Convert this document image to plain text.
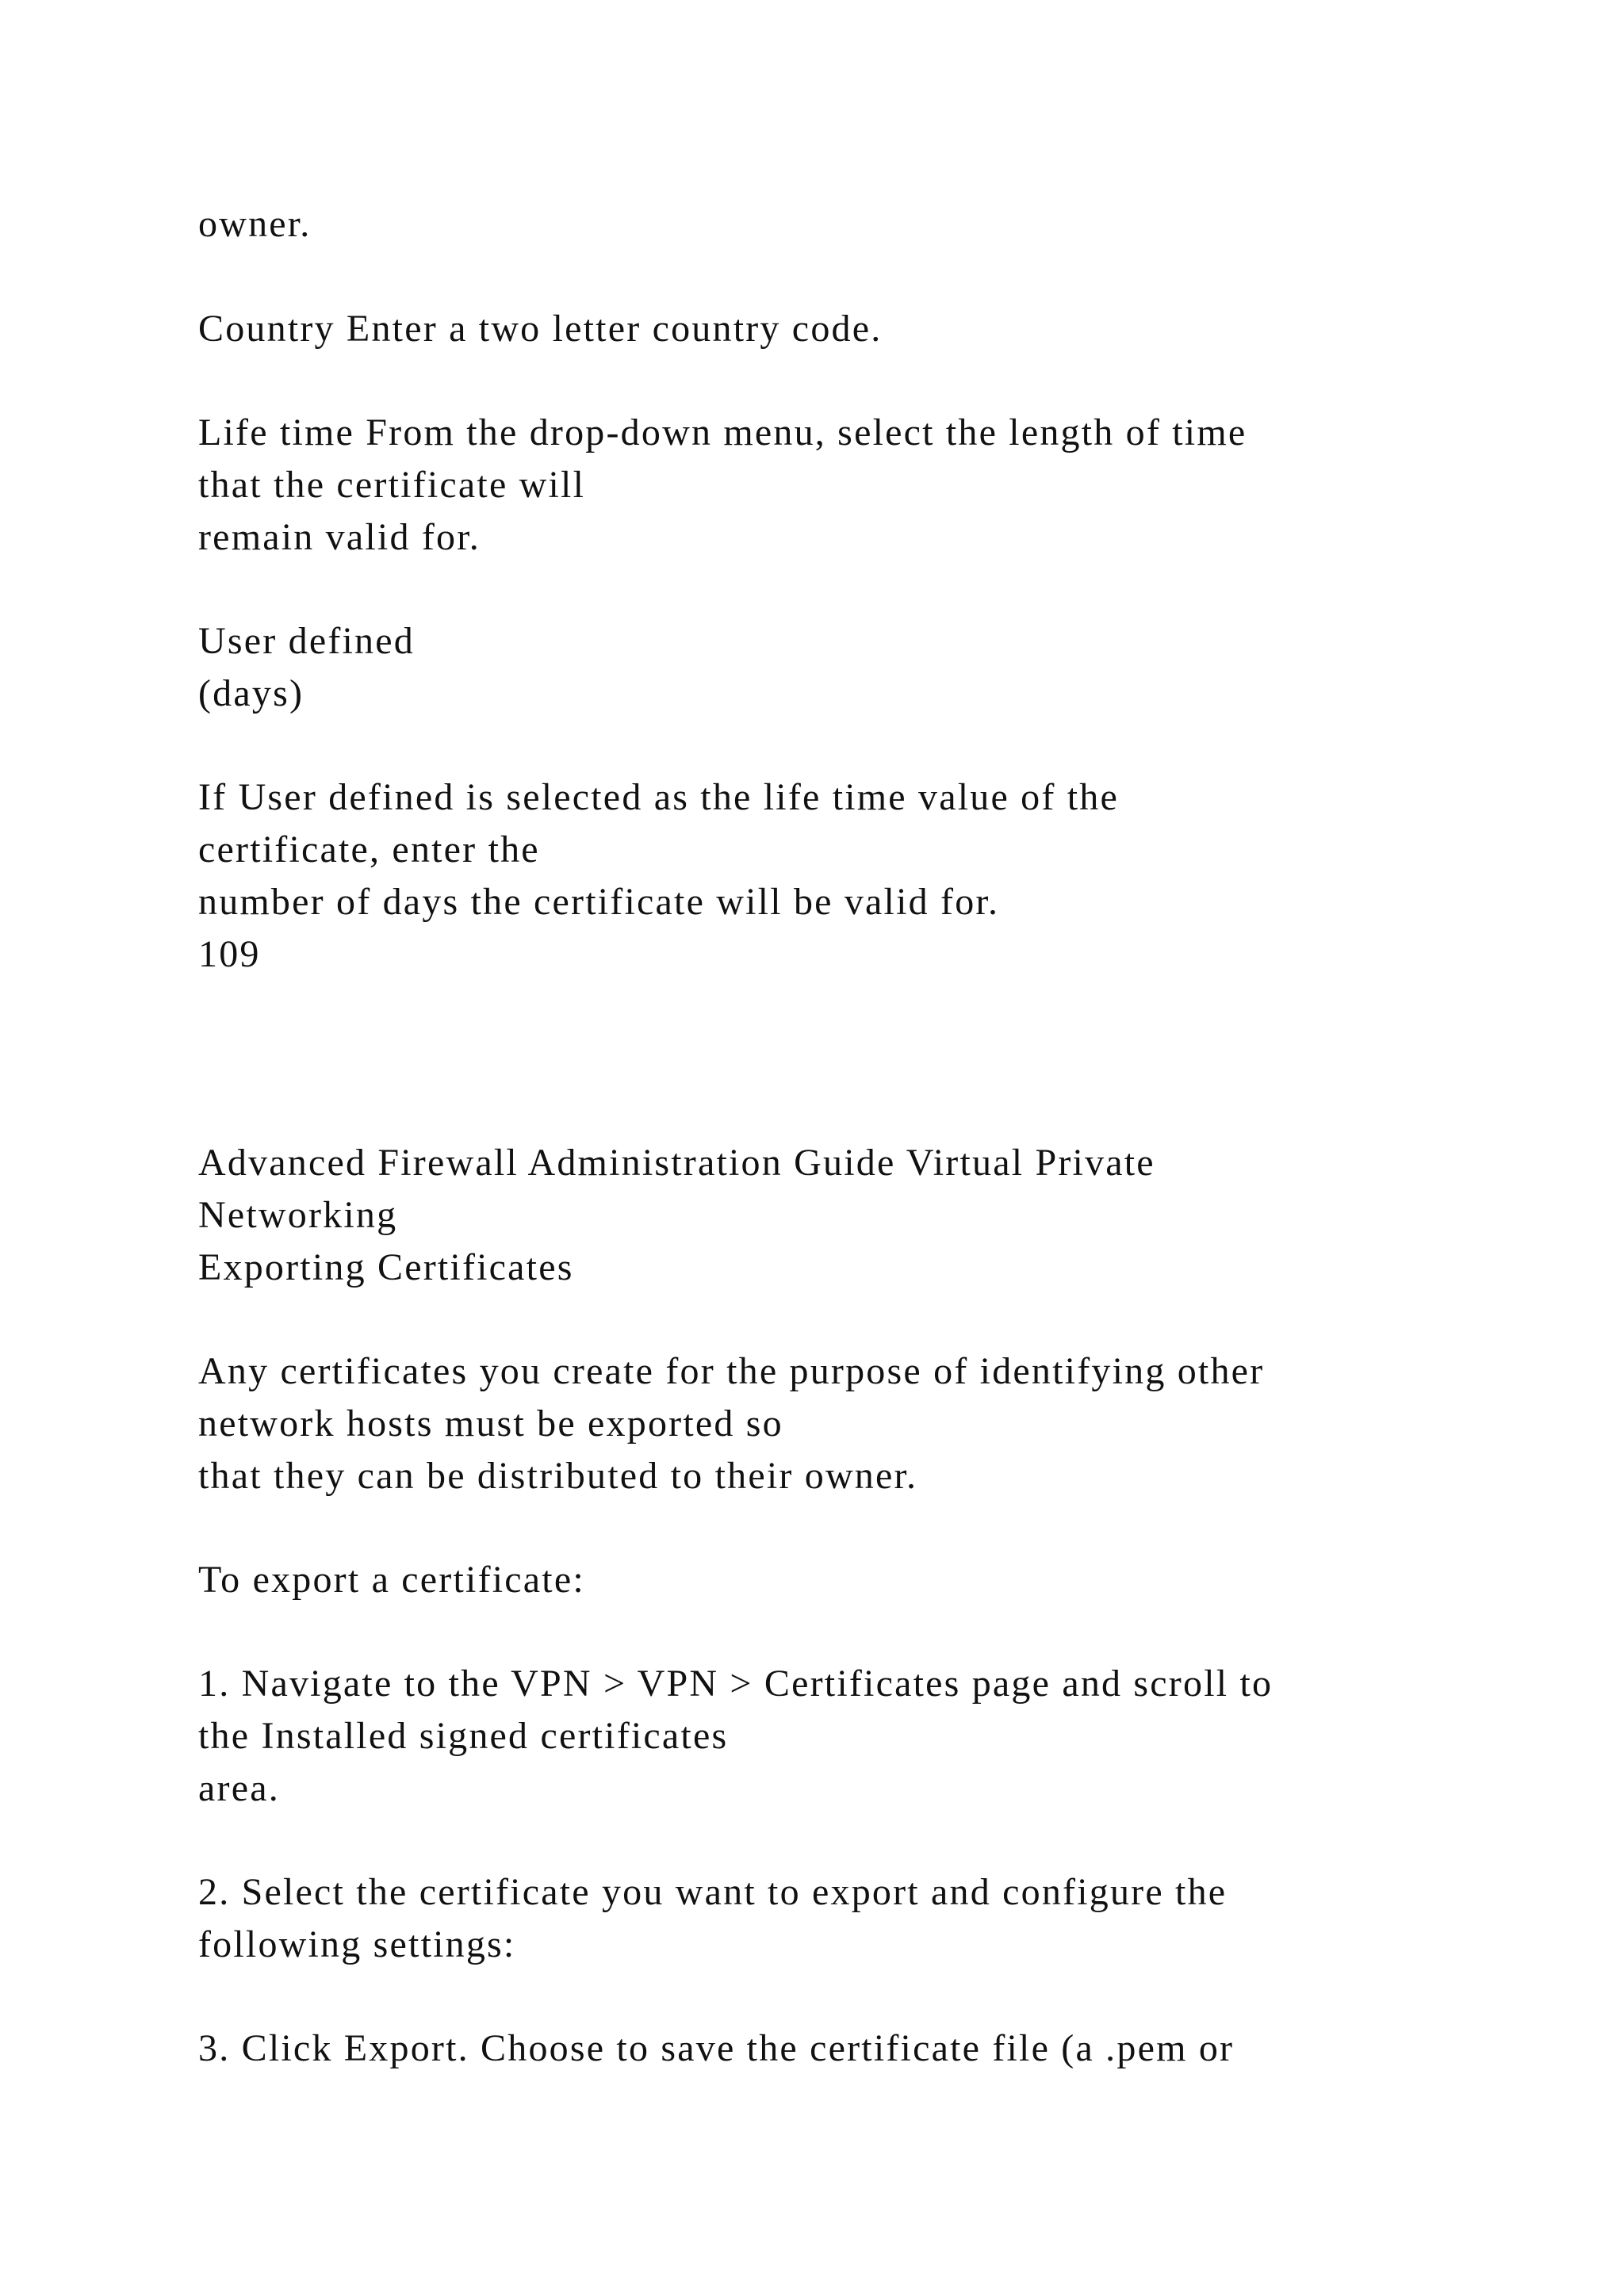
owner.

Country Enter a two letter country code.

Life time From the drop-down menu, select the length of time

that the certificate will

remain valid for.

User defined

(days)

If User defined is selected as the life time value of the

certificate, enter the

number of days the certificate will be valid for.

109

Advanced Firewall Administration Guide Virtual Private

Networking

Exporting Certificates

Any certificates you create for the purpose of identifying other

network hosts must be exported so

that they can be distributed to their owner.

To export a certificate:

1. Navigate to the VPN > VPN > Certificates page and scroll to

the Installed signed certificates

area.

2. Select the certificate you want to export and configure the

following settings:

3. Click Export. Choose to save the certificate file (a .pem or
